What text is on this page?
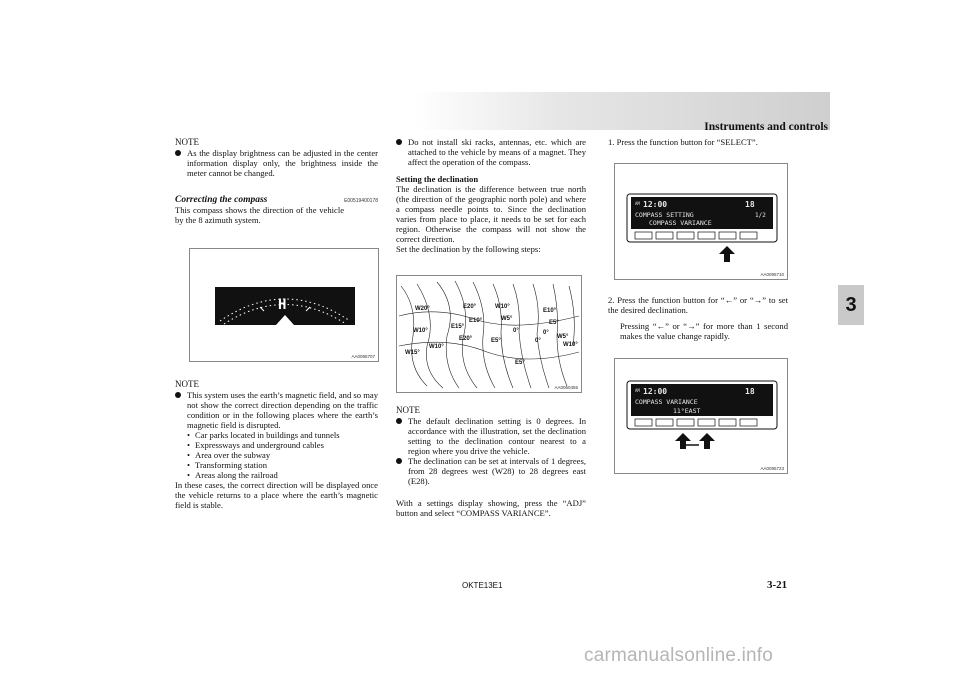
Instruments and controls
3
NOTE
As the display brightness can be adjusted in the center information display only, the brightness inside the meter cannot be changed.
Correcting the compass	E00519400178

This compass shows the direction of the vehicle by the 8 azimuth system.

H
AA0095707
NOTE
This system uses the earth’s magnetic field, and so may not show the correct direction depending on the traffic condition or in the following places where the earth’s magnetic field is disrupted.
• Car parks located in buildings and tunnels
• Expressways and underground cables
• Area over the subway
• Transforming station
• Areas along the railroad

In these cases, the correct direction will be displayed once the vehicle returns to a place where the earth’s magnetic field is stable.

Do not install ski racks, antennas, etc. which are attached to the vehicle by means of a magnet. They affect the operation of the compass.
Setting the declination

The declination is the difference between true north (the direction of the geographic north pole) and where a compass needle points to. Since the declination varies from place to place, it needs to be set for each region. Otherwise the compass will not show the correct direction.

Set the declination by the following steps:

W20°
W10°
W10°
W15°
E20°
E15°
E20°
E10°
W10°
W5°
0°
E5°
E10°
E5°
0°
W5°
W10°
E5°
0°
AA0060455
NOTE
The default declination setting is 0 degrees. In accordance with the illustration, set the declination setting to the declination contour nearest to a region where you drive the vehicle.
The declination can be set at intervals of 1 degrees, from 28 degrees west (W28) to 28 degrees east (E28).

With a settings display showing, press the “ADJ” button and select “COMPASS VARIANCE”.

1. Press the function button for “SELECT”.

AM 12:00	18
COMPASS SETTING	1/2
COMPASS VARIANCE
AA0095710

2. Press the function button for “←” or “→” to set the desired declination.

Pressing “←” or “→” for more than 1 second makes the value change rapidly.

AM 12:00	18
COMPASS VARIANCE
11°EAST
AA0095723
OKTE13E1	3-21
carmanualsonline.info
